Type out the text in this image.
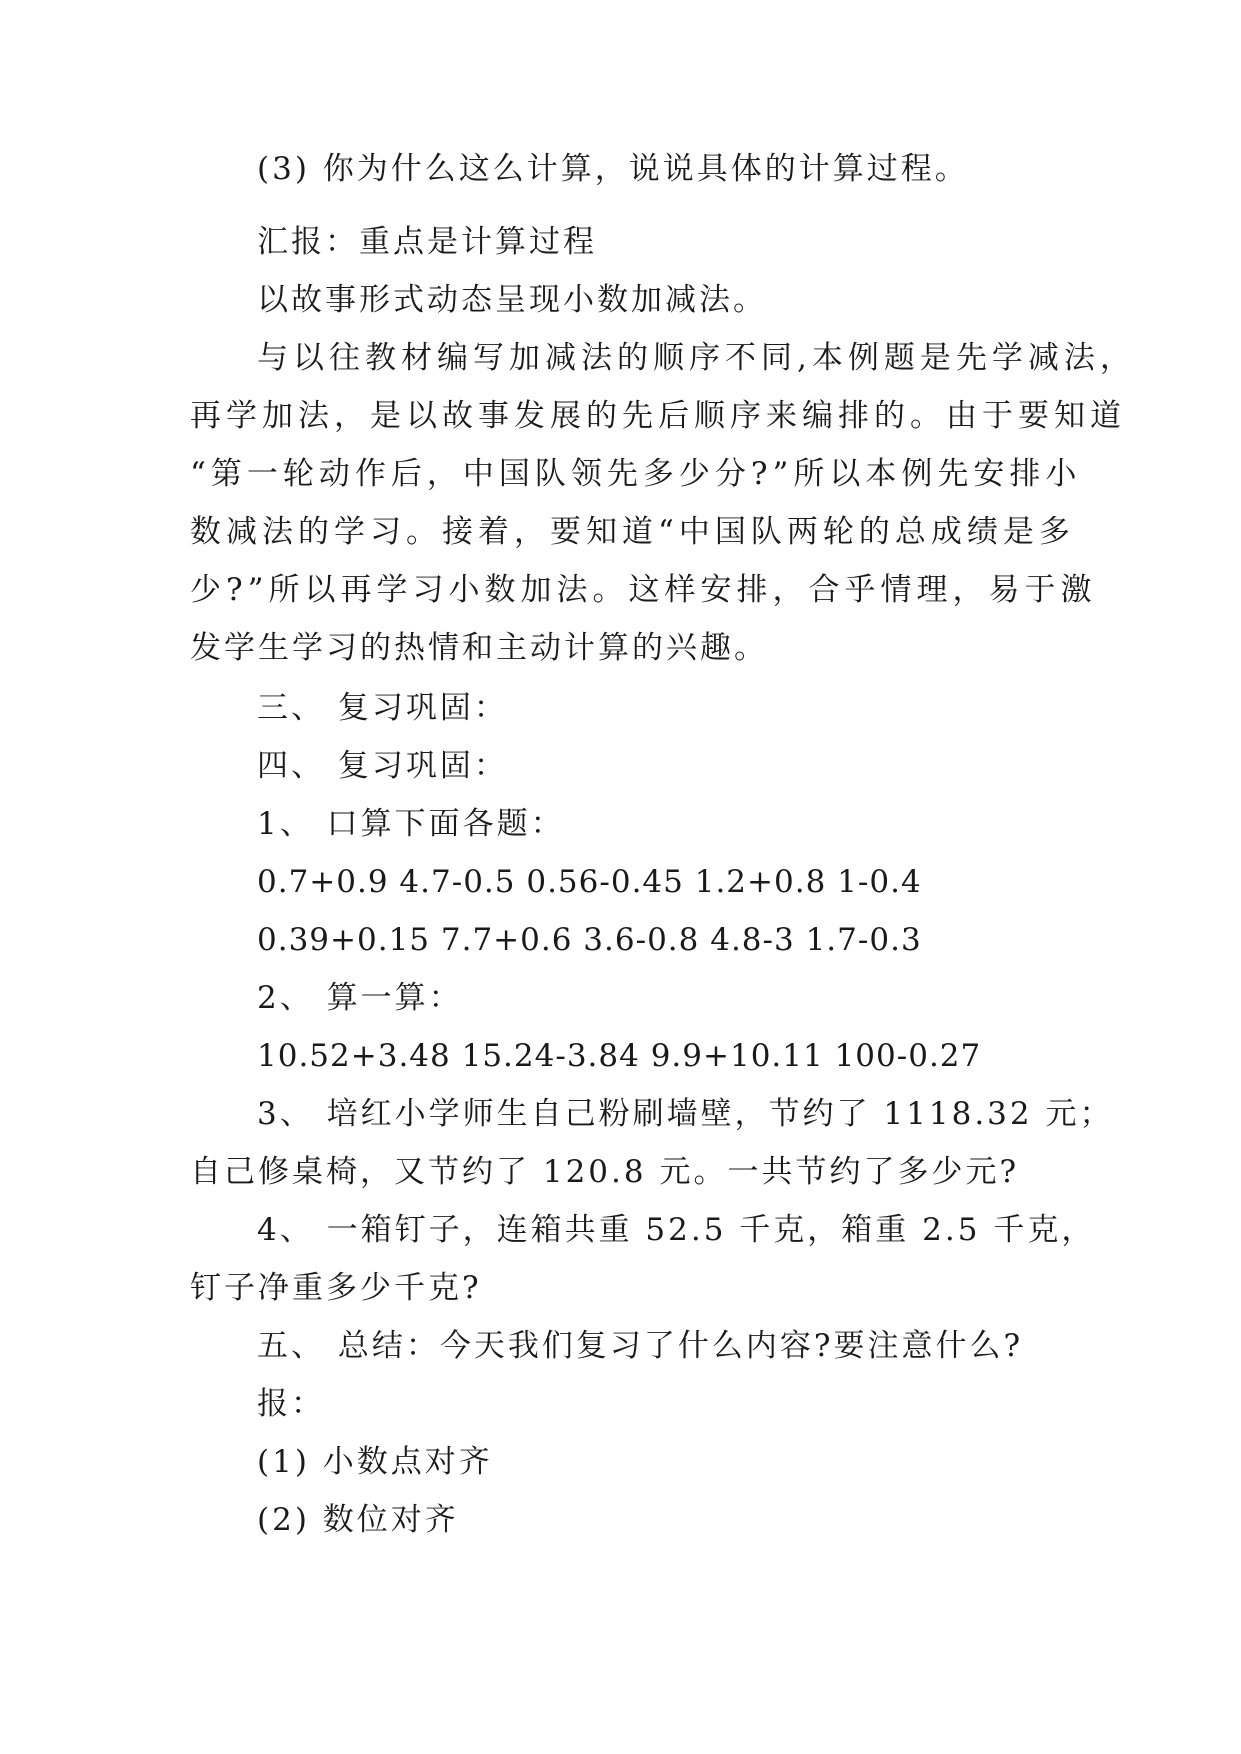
(3) 你为什么这么计算，说说具体的计算过程。
汇报：重点是计算过程
以故事形式动态呈现小数加减法。
与以往教材编写加减法的顺序不同,本例题是先学减法，
再学加法，是以故事发展的先后顺序来编排的。由于要知道
“第一轮动作后，中国队领先多少分?”所以本例先安排小
数减法的学习。接着，要知道“中国队两轮的总成绩是多
少?”所以再学习小数加法。这样安排，合乎情理，易于激
发学生学习的热情和主动计算的兴趣。
三、 复习巩固：
四、 复习巩固：
1、 口算下面各题：
0.7+0.9 4.7-0.5 0.56-0.45 1.2+0.8 1-0.4
0.39+0.15 7.7+0.6 3.6-0.8 4.8-3 1.7-0.3
2、 算一算：
10.52+3.48 15.24-3.84 9.9+10.11 100-0.27
3、 培红小学师生自己粉刷墙壁，节约了 1118.32 元；
自己修桌椅，又节约了 120.8 元。一共节约了多少元?
4、 一箱钉子，连箱共重 52.5 千克，箱重 2.5 千克，
钉子净重多少千克?
五、 总结：今天我们复习了什么内容?要注意什么?
报：
(1) 小数点对齐
(2) 数位对齐
